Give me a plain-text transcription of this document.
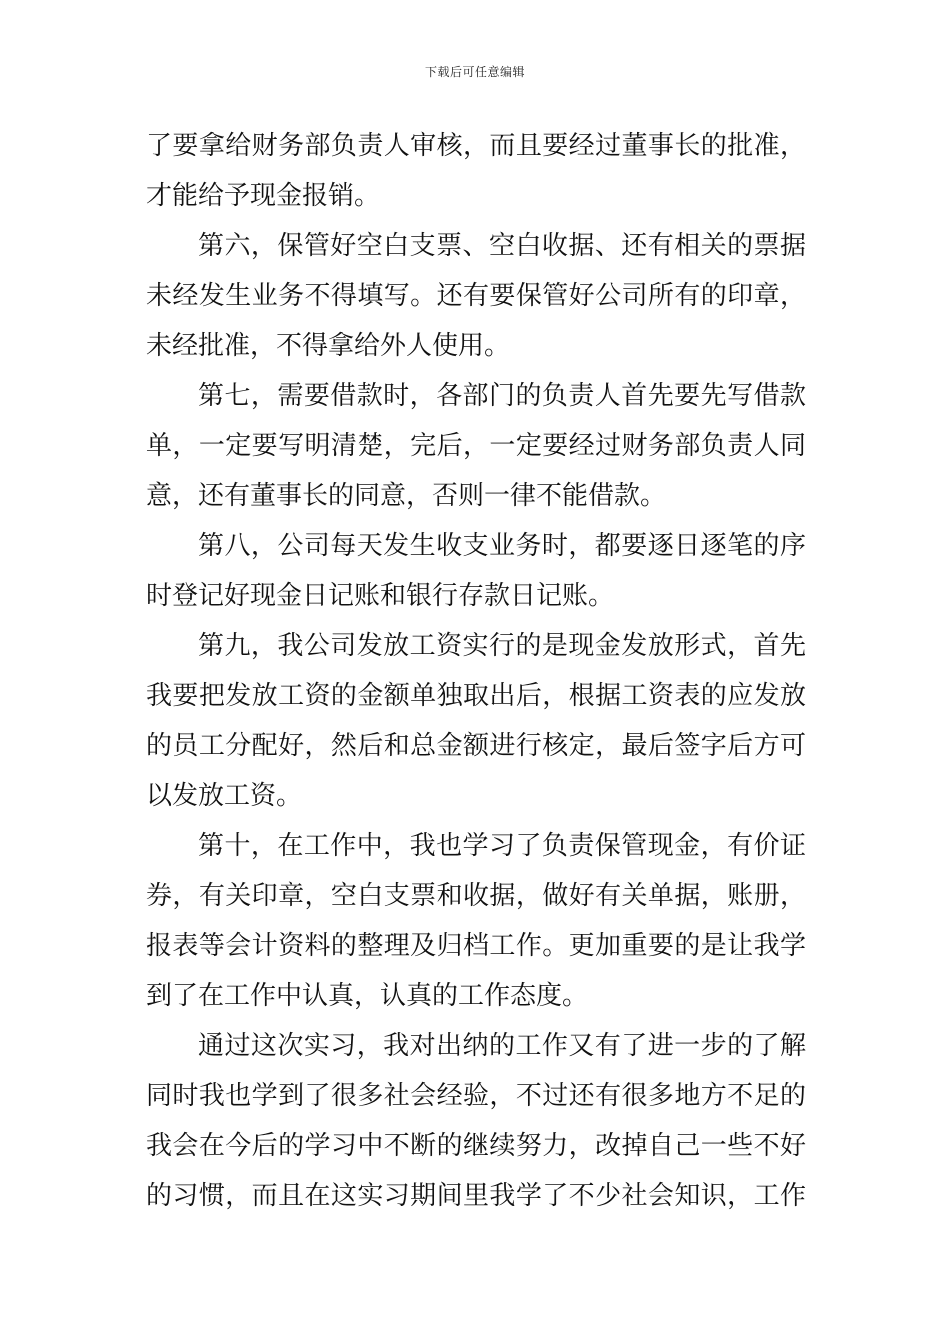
下载后可任意编辑
了要拿给财务部负责人审核，而且要经过董事长的批准，
才能给予现金报销。
第六，保管好空白支票、空白收据、还有相关的票据
未经发生业务不得填写。还有要保管好公司所有的印章，
未经批准，不得拿给外人使用。
第七，需要借款时，各部门的负责人首先要先写借款
单，一定要写明清楚，完后，一定要经过财务部负责人同
意，还有董事长的同意，否则一律不能借款。
第八，公司每天发生收支业务时，都要逐日逐笔的序
时登记好现金日记账和银行存款日记账。
第九，我公司发放工资实行的是现金发放形式，首先
我要把发放工资的金额单独取出后，根据工资表的应发放
的员工分配好，然后和总金额进行核定，最后签字后方可
以发放工资。
第十，在工作中，我也学习了负责保管现金，有价证
券，有关印章，空白支票和收据，做好有关单据，账册，
报表等会计资料的整理及归档工作。更加重要的是让我学
到了在工作中认真，认真的工作态度。
通过这次实习，我对出纳的工作又有了进一步的了解
同时我也学到了很多社会经验，不过还有很多地方不足的
我会在今后的学习中不断的继续努力，改掉自己一些不好
的习惯，而且在这实习期间里我学了不少社会知识，工作
